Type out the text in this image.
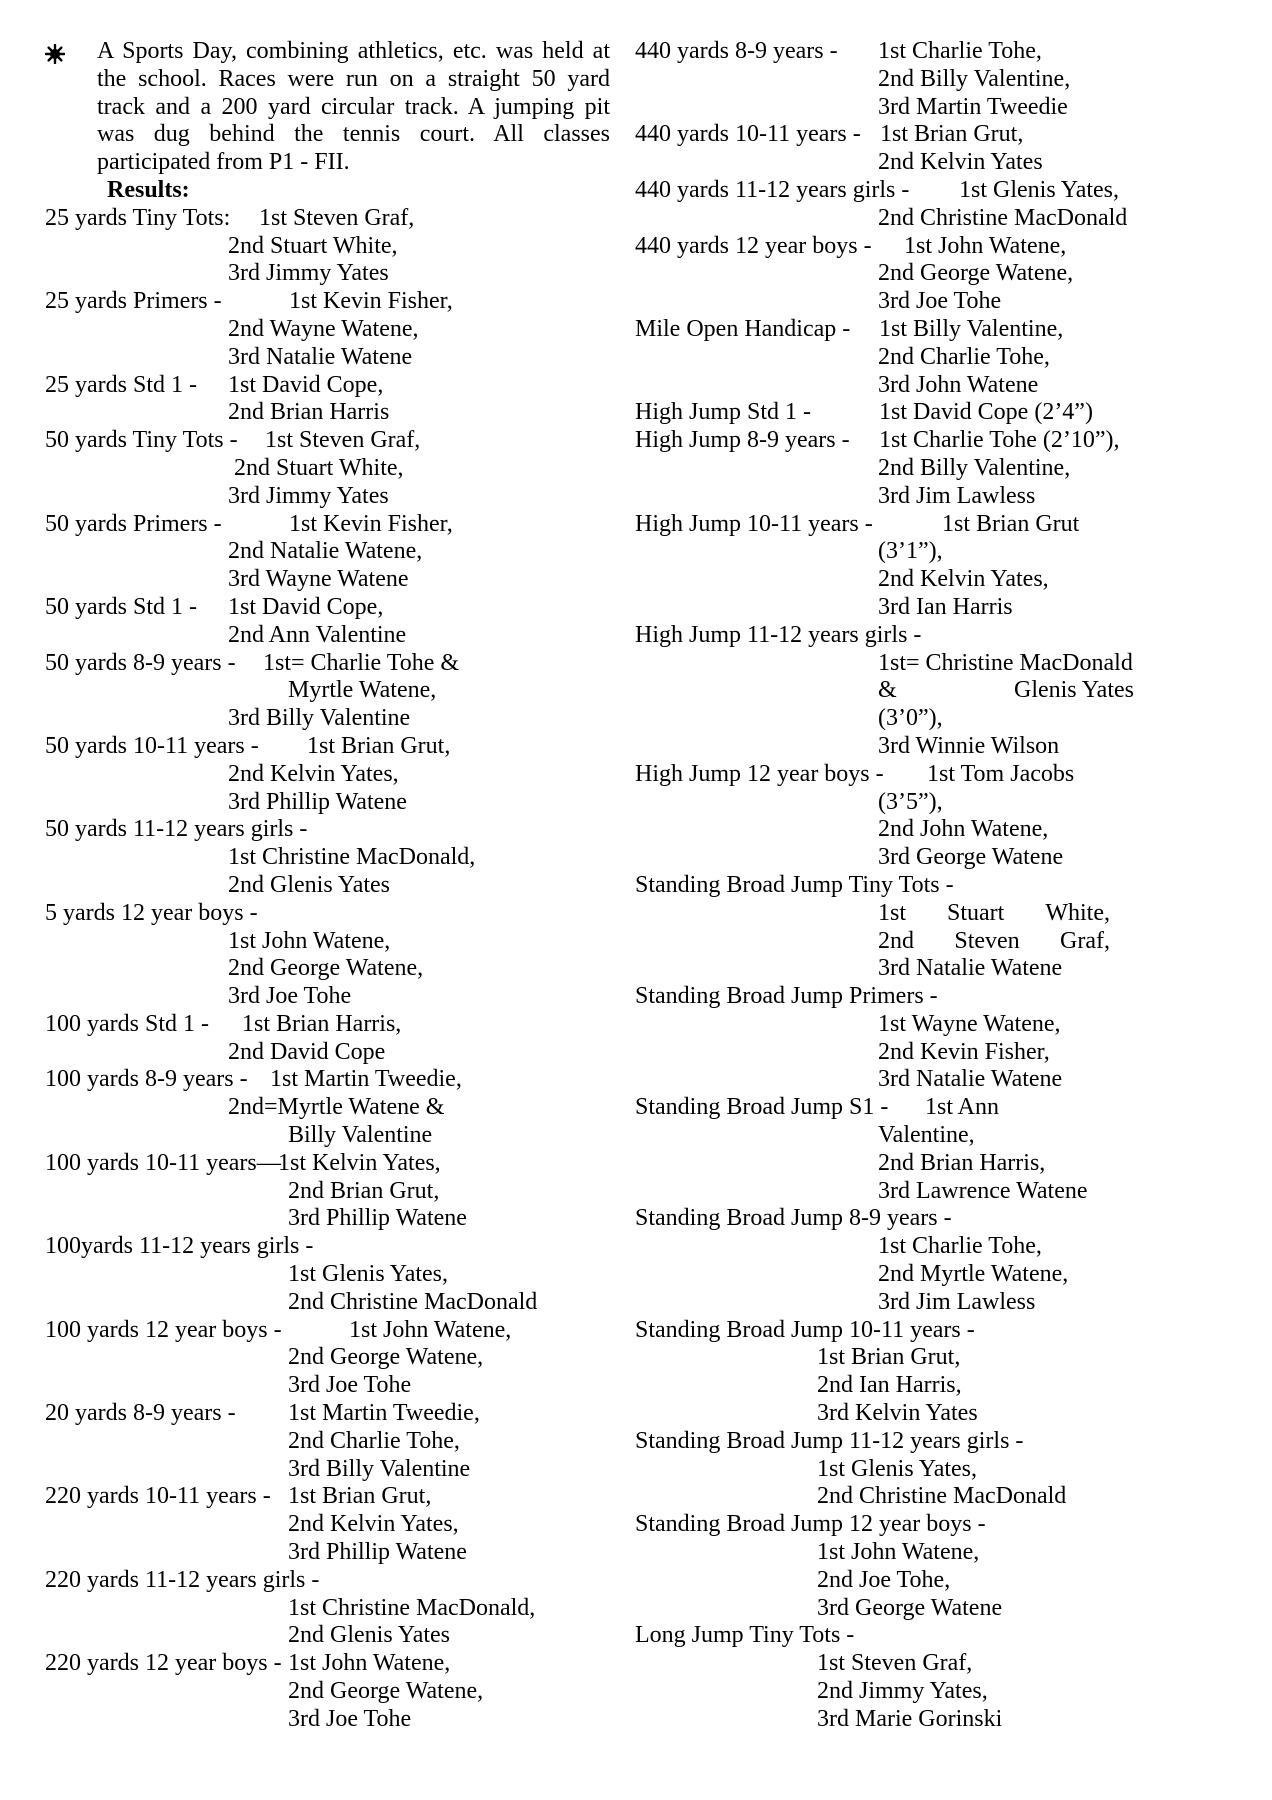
A Sports Day, combining athletics, etc. was held at the school. Races were run on a straight 50 yard track and a 200 yard circular track. A jumping pit was dug behind the tennis court. All classes participated from P1 - FII.

Results:
25 yards Tiny Tots:1st Steven Graf,
2nd Stuart White,
3rd Jimmy Yates
25 yards Primers -	1st Kevin Fisher,
2nd Wayne Watene,
3rd Natalie Watene
25 yards Std 1 -1st David Cope,
2nd Brian Harris
50 yards Tiny Tots -1st Steven Graf,
2nd Stuart White,
3rd Jimmy Yates
50 yards Primers -	1st Kevin Fisher,
2nd Natalie Watene,
3rd Wayne Watene
50 yards Std 1 -1st David Cope,
2nd Ann Valentine
50 yards 8-9 years -1st= Charlie Tohe &
Myrtle Watene,
3rd Billy Valentine
50 yards 10-11 years -1st Brian Grut,
2nd Kelvin Yates,
3rd Phillip Watene
50 yards 11-12 years girls -
1st Christine MacDonald,
2nd Glenis Yates
5 yards 12 year boys -
1st John Watene,
2nd George Watene,
3rd Joe Tohe
100 yards Std 1 -1st Brian Harris,
2nd David Cope
100 yards 8-9 years -1st Martin Tweedie,
2nd=Myrtle Watene &
Billy Valentine
100 yards 10-11 years—1st Kelvin Yates,
2nd Brian Grut,
3rd Phillip Watene
100yards 11-12 years girls -
1st Glenis Yates,
2nd Christine MacDonald
100 yards 12 year boys -	1st John Watene,
2nd George Watene,
3rd Joe Tohe
20 yards 8-9 years -1st Martin Tweedie,
2nd Charlie Tohe,
3rd Billy Valentine
220 yards 10-11 years - 1st Brian Grut,
2nd Kelvin Yates,
3rd Phillip Watene
220 yards 11-12 years girls -
1st Christine MacDonald,
2nd Glenis Yates
220 yards 12 year boys - 1st John Watene,
2nd George Watene,
3rd Joe Tohe
440 yards 8-9 years -1st Charlie Tohe,
2nd Billy Valentine,
3rd Martin Tweedie
440 yards 10-11 years - 1st Brian Grut,
2nd Kelvin Yates
440 yards 11-12 years girls -1st Glenis Yates,
2nd Christine MacDonald
440 yards 12 year boys - 1st John Watene,
2nd George Watene,
3rd Joe Tohe
Mile Open Handicap -1st Billy Valentine,
2nd Charlie Tohe,
3rd John Watene
High Jump Std 1 -	1st David Cope (2’4”)
High Jump 8-9 years -1st Charlie Tohe (2’10”),
2nd Billy Valentine,
3rd Jim Lawless
High Jump 10-11 years -	1st Brian Grut
(3’1”),
2nd Kelvin Yates,
3rd Ian Harris
High Jump 11-12 years girls -
1st= Christine MacDonald
&	Glenis Yates
(3’0”),
3rd Winnie Wilson
High Jump 12 year boys -1st Tom Jacobs
(3’5”),
2nd John Watene,
3rd George Watene
Standing Broad Jump Tiny Tots -
1st Stuart White,
2nd Steven Graf,
3rd Natalie Watene
Standing Broad Jump Primers -
1st Wayne Watene,
2nd Kevin Fisher,
3rd Natalie Watene
Standing Broad Jump S1 -1st Ann
Valentine,
2nd Brian Harris,
3rd Lawrence Watene
Standing Broad Jump 8-9 years -
1st Charlie Tohe,
2nd Myrtle Watene,
3rd Jim Lawless
Standing Broad Jump 10-11 years -
1st Brian Grut,
2nd Ian Harris,
3rd Kelvin Yates
Standing Broad Jump 11-12 years girls -
1st Glenis Yates,
2nd Christine MacDonald
Standing Broad Jump 12 year boys -
1st John Watene,
2nd Joe Tohe,
3rd George Watene
Long Jump Tiny Tots -
1st Steven Graf,
2nd Jimmy Yates,
3rd Marie Gorinski
